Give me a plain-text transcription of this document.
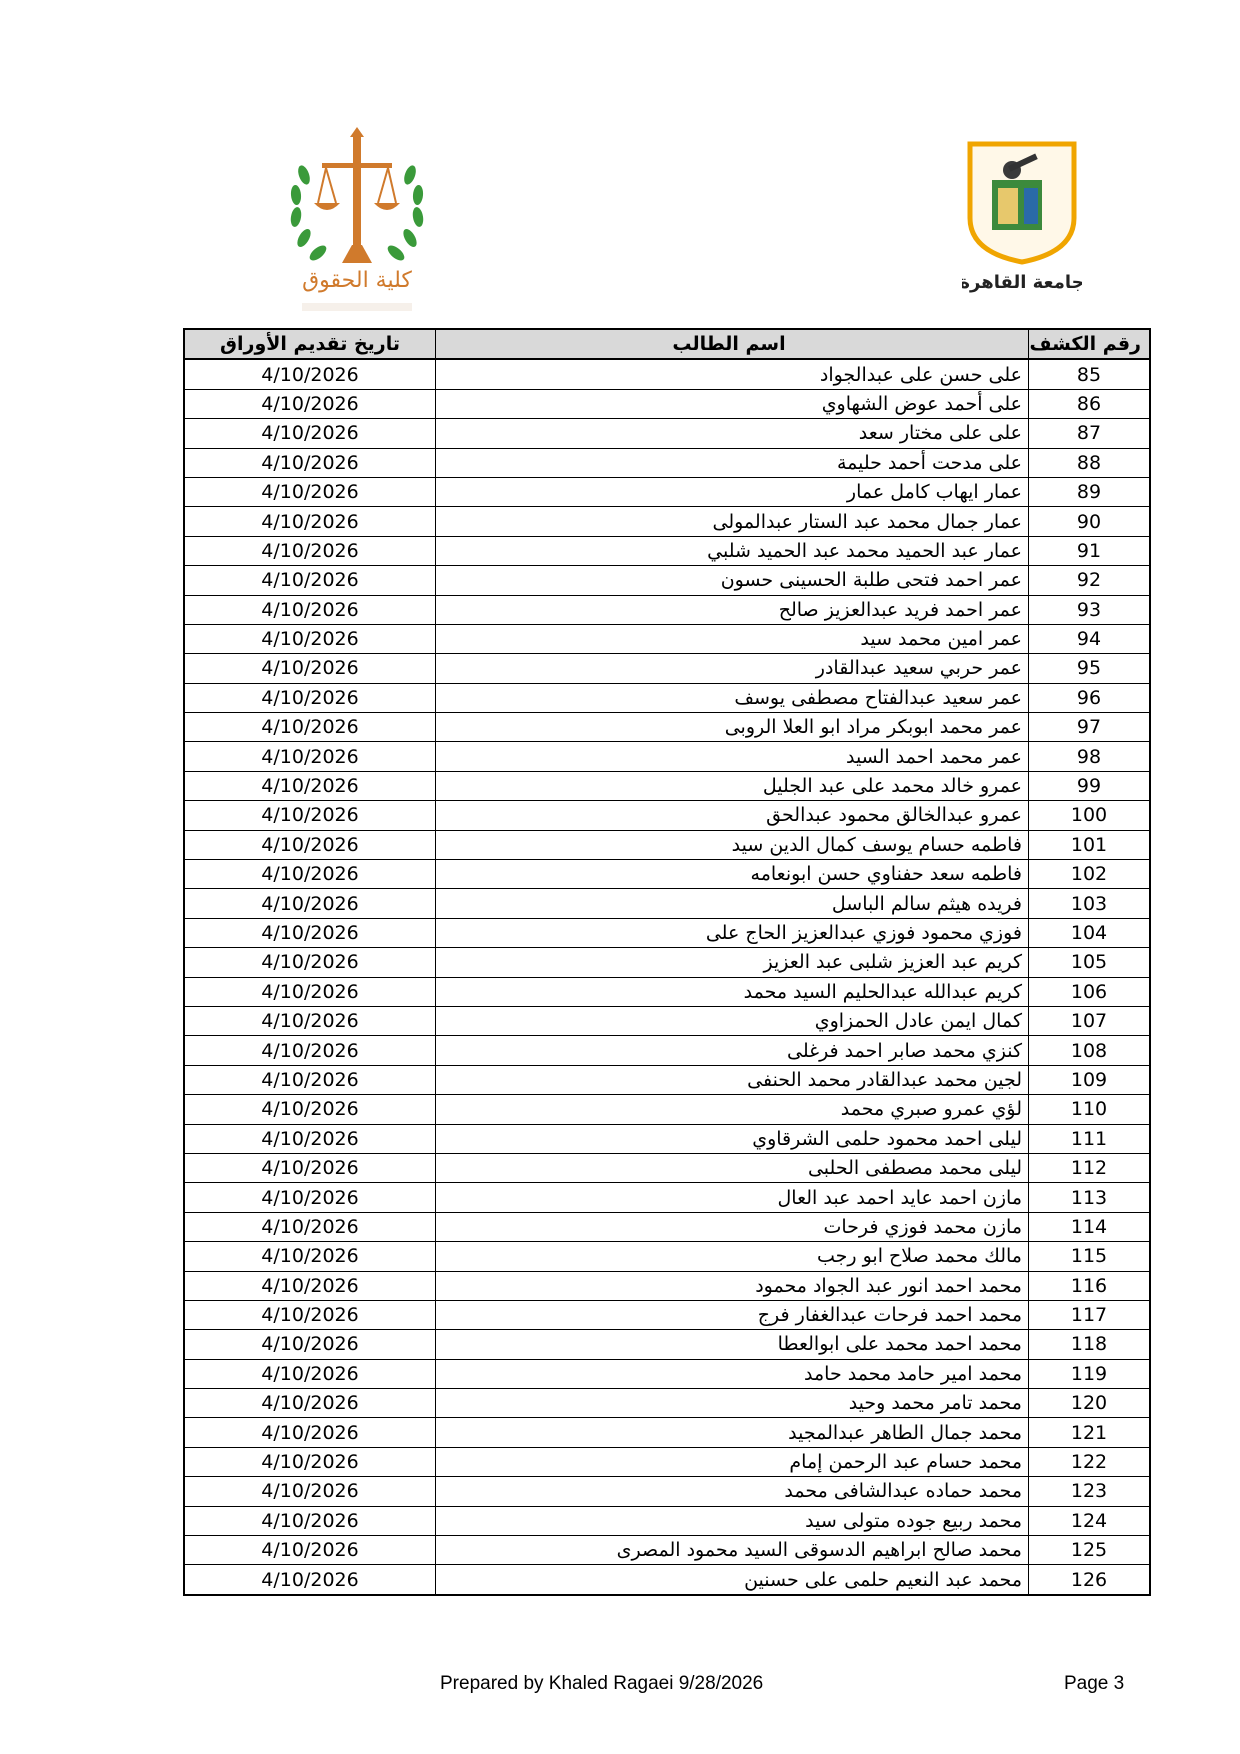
كلية الحقوق	جامعة القاهرة
رقم الكشف	اسم الطالب	تاريخ تقديم الأوراق
85	على حسن على عبدالجواد	4/10/2026
86	على أحمد عوض الشهاوي	4/10/2026
87	على على مختار سعد	4/10/2026
88	على مدحت أحمد حليمة	4/10/2026
89	عمار ايهاب كامل عمار	4/10/2026
90	عمار جمال محمد عبد الستار عبدالمولى	4/10/2026
91	عمار عبد الحميد محمد عبد الحميد شلبي	4/10/2026
92	عمر احمد فتحى طلبة الحسينى حسون	4/10/2026
93	عمر احمد فريد عبدالعزيز صالح	4/10/2026
94	عمر امين محمد سيد	4/10/2026
95	عمر حربي سعيد عبدالقادر	4/10/2026
96	عمر سعيد عبدالفتاح مصطفى يوسف	4/10/2026
97	عمر محمد ابوبكر مراد ابو العلا الروبى	4/10/2026
98	عمر محمد احمد السيد	4/10/2026
99	عمرو خالد محمد على عبد الجليل	4/10/2026
100	عمرو عبدالخالق محمود عبدالحق	4/10/2026
101	فاطمه حسام يوسف كمال الدين سيد	4/10/2026
102	فاطمه سعد حفناوي حسن ابونعامه	4/10/2026
103	فريده هيثم سالم الباسل	4/10/2026
104	فوزي محمود فوزي عبدالعزيز الحاج على	4/10/2026
105	كريم عبد العزيز شلبى عبد العزيز	4/10/2026
106	كريم عبدالله عبدالحليم السيد محمد	4/10/2026
107	كمال ايمن عادل الحمزاوي	4/10/2026
108	كنزي محمد صابر احمد فرغلى	4/10/2026
109	لجين محمد عبدالقادر محمد الحنفى	4/10/2026
110	لؤي عمرو صبري محمد	4/10/2026
111	ليلى احمد محمود حلمى الشرقاوي	4/10/2026
112	ليلى محمد مصطفى الحلبى	4/10/2026
113	مازن احمد عايد احمد عبد العال	4/10/2026
114	مازن محمد فوزي فرحات	4/10/2026
115	مالك محمد صلاح ابو رجب	4/10/2026
116	محمد احمد انور عبد الجواد محمود	4/10/2026
117	محمد احمد فرحات عبدالغفار فرج	4/10/2026
118	محمد احمد محمد على ابوالعطا	4/10/2026
119	محمد امير حامد محمد حامد	4/10/2026
120	محمد تامر محمد وحيد	4/10/2026
121	محمد جمال الطاهر عبدالمجيد	4/10/2026
122	محمد حسام عبد الرحمن إمام	4/10/2026
123	محمد حماده عبدالشافى محمد	4/10/2026
124	محمد ربيع جوده متولى سيد	4/10/2026
125	محمد صالح ابراهيم الدسوقى السيد محمود المصرى	4/10/2026
126	محمد عبد النعيم حلمى على حسنين	4/10/2026
Prepared by Khaled Ragaei 9/28/2026	Page 3
